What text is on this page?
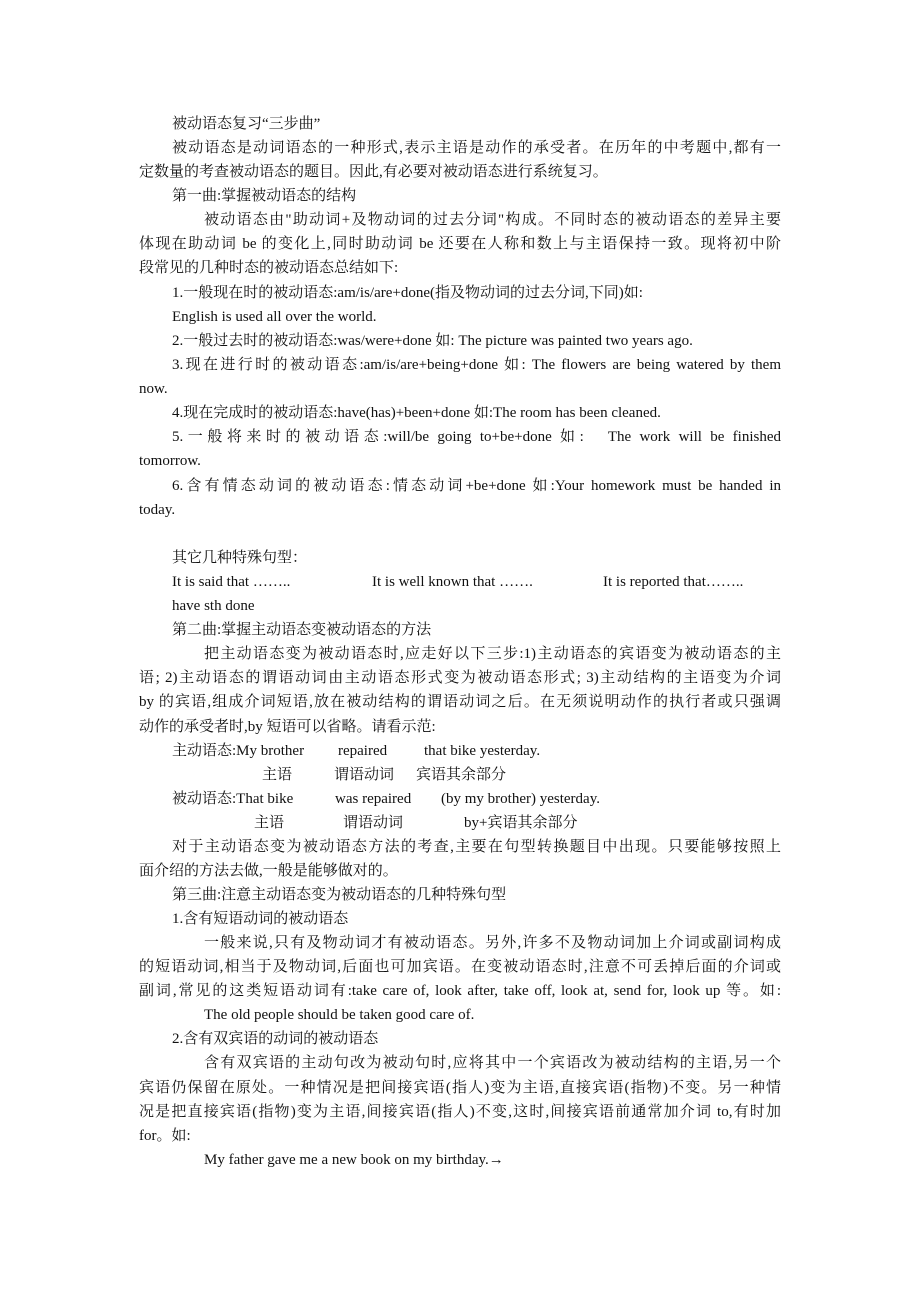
被动语态复习“三步曲”
被动语态是动词语态的一种形式,表示主语是动作的承受者。在历年的中考题中,都有一
定数量的考查被动语态的题目。因此,有必要对被动语态进行系统复习。
第一曲:掌握被动语态的结构
被动语态由"助动词+及物动词的过去分词"构成。不同时态的被动语态的差异主要
体现在助动词 be 的变化上,同时助动词 be 还要在人称和数上与主语保持一致。现将初中阶
段常见的几种时态的被动语态总结如下:
1.一般现在时的被动语态:am/is/are+done(指及物动词的过去分词,下同)如:
English is used all over the world.
2.一般过去时的被动语态:was/were+done 如: The picture was painted two years ago.
3.现在进行时的被动语态:am/is/are+being+done 如: The flowers are being watered by them
now.
4.现在完成时的被动语态:have(has)+been+done 如:The room has been cleaned.
5.一般将来时的被动语态:will/be going to+be+done 如:　The work will be finished
tomorrow.
6.含有情态动词的被动语态:情态动词+be+done 如:Your homework must be handed in
today.
其它几种特殊句型：
It is said that ……..	It is well known that …….	It is reported that……..
have sth done
第二曲:掌握主动语态变被动语态的方法
把主动语态变为被动语态时,应走好以下三步:1)主动语态的宾语变为被动语态的主
语; 2)主动语态的谓语动词由主动语态形式变为被动语态形式; 3)主动结构的主语变为介词
by 的宾语,组成介词短语,放在被动结构的谓语动词之后。在无须说明动作的执行者或只强调
动作的承受者时,by 短语可以省略。请看示范:
主动语态:My brother repaired that bike yesterday.
主语	谓语动词 宾语其余部分
被动语态:That bike	was repaired (by my brother) yesterday.
主语	谓语动词	by+宾语其余部分
对于主动语态变为被动语态方法的考查,主要在句型转换题目中出现。只要能够按照上
面介绍的方法去做,一般是能够做对的。
第三曲:注意主动语态变为被动语态的几种特殊句型
1.含有短语动词的被动语态
一般来说,只有及物动词才有被动语态。另外,许多不及物动词加上介词或副词构成
的短语动词,相当于及物动词,后面也可加宾语。在变被动语态时,注意不可丢掉后面的介词或
副词,常见的这类短语动词有:take care of, look after, take off, look at, send for, look up 等。如:
The old people should be taken good care of.
2.含有双宾语的动词的被动语态
含有双宾语的主动句改为被动句时,应将其中一个宾语改为被动结构的主语,另一个
宾语仍保留在原处。一种情况是把间接宾语(指人)变为主语,直接宾语(指物)不变。另一种情
况是把直接宾语(指物)变为主语,间接宾语(指人)不变,这时,间接宾语前通常加介词 to,有时加
for。如:
My father gave me a new book on my birthday.→
